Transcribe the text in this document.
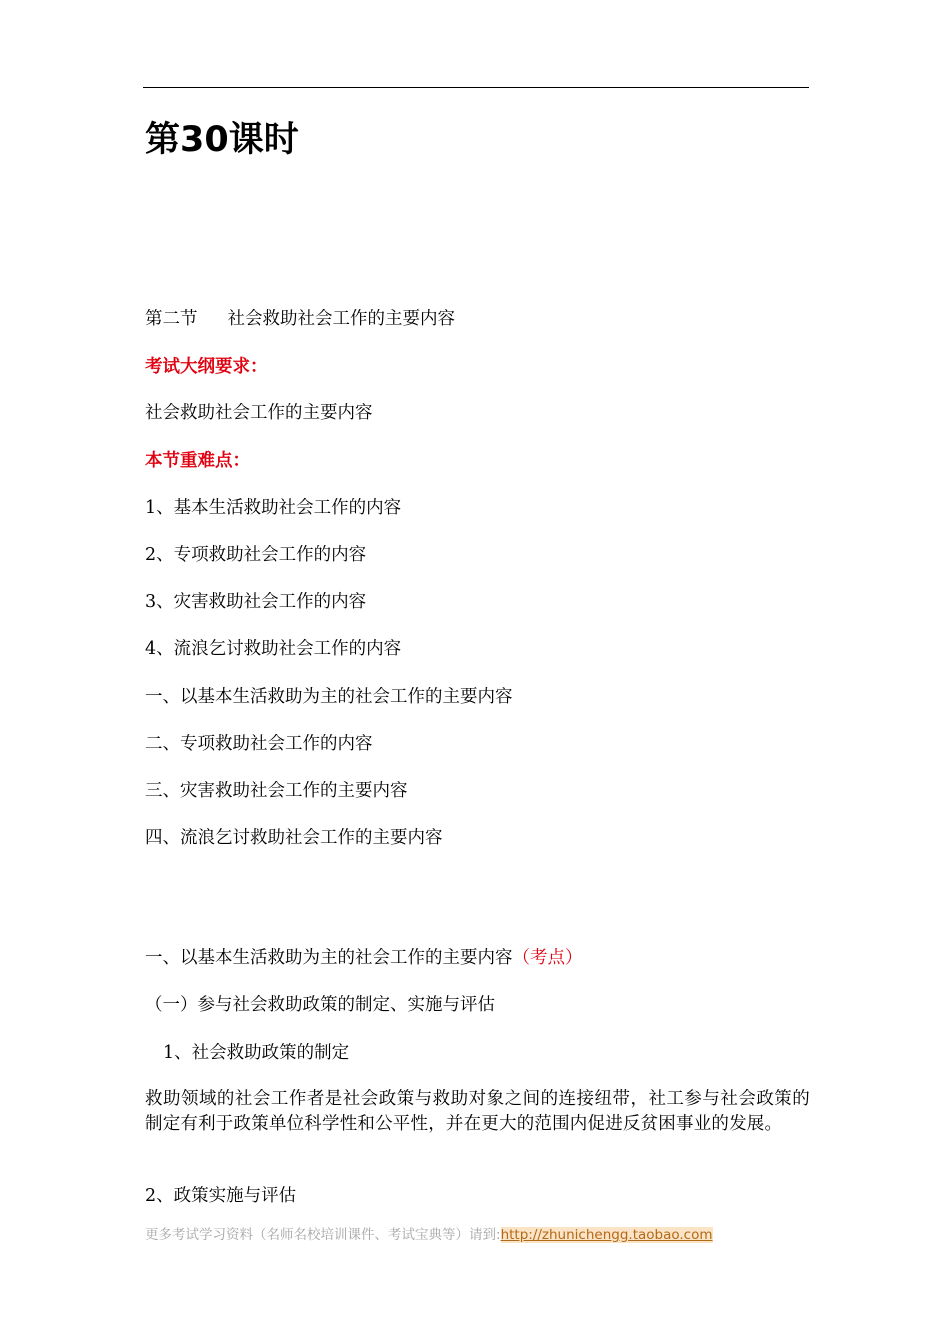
第30课时
第二节 社会救助社会工作的主要内容
考试大纲要求：
社会救助社会工作的主要内容
本节重难点：
1、基本生活救助社会工作的内容
2、专项救助社会工作的内容
3、灾害救助社会工作的内容
4、流浪乞讨救助社会工作的内容
一、以基本生活救助为主的社会工作的主要内容
二、专项救助社会工作的内容
三、灾害救助社会工作的主要内容
四、流浪乞讨救助社会工作的主要内容
一、以基本生活救助为主的社会工作的主要内容（考点）
（一）参与社会救助政策的制定、实施与评估
1、社会救助政策的制定
救助领域的社会工作者是社会政策与救助对象之间的连接纽带，社工参与社会政策的制定有利于政策单位科学性和公平性，并在更大的范围内促进反贫困事业的发展。
2、政策实施与评估
更多考试学习资料（名师名校培训课件、考试宝典等）请到:http://zhunichengg.taobao.com
